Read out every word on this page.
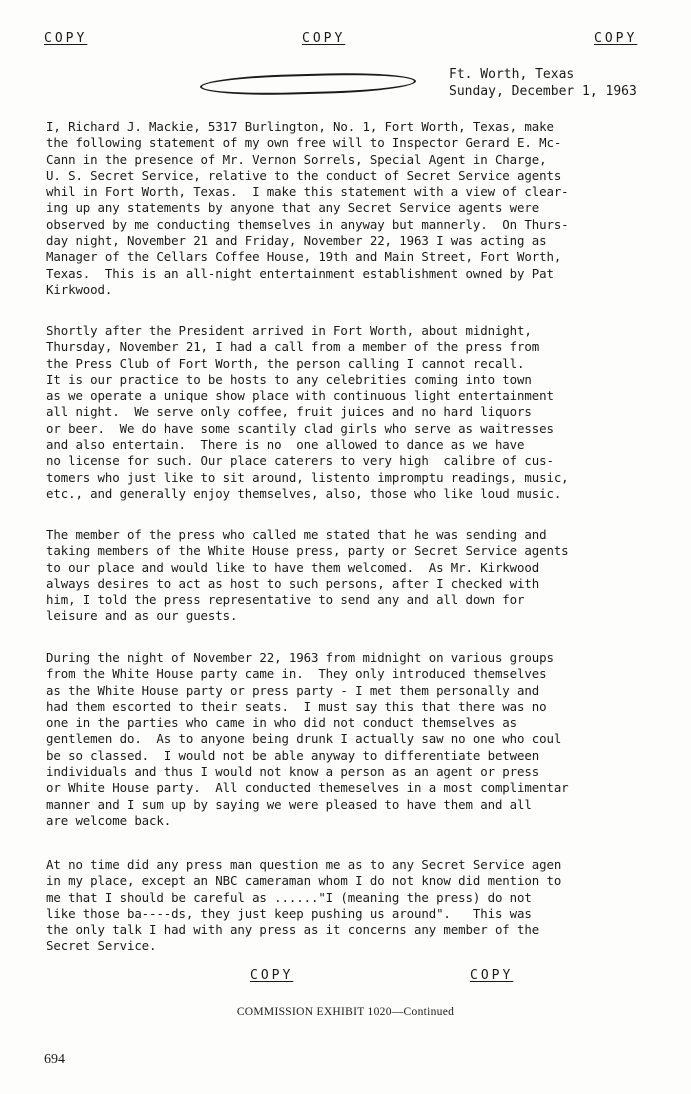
COPY	COPY	COPY
Ft. Worth, Texas
Sunday, December 1, 1963

I, Richard J. Mackie, 5317 Burlington, No. 1, Fort Worth, Texas, make
the following statement of my own free will to Inspector Gerard E. Mc-
Cann in the presence of Mr. Vernon Sorrels, Special Agent in Charge,
U. S. Secret Service, relative to the conduct of Secret Service agents
whil in Fort Worth, Texas.  I make this statement with a view of clear-
ing up any statements by anyone that any Secret Service agents were
observed by me conducting themselves in anyway but mannerly.  On Thurs-
day night, November 21 and Friday, November 22, 1963 I was acting as
Manager of the Cellars Coffee House, 19th and Main Street, Fort Worth,
Texas.  This is an all-night entertainment establishment owned by Pat
Kirkwood.

Shortly after the President arrived in Fort Worth, about midnight,
Thursday, November 21, I had a call from a member of the press from
the Press Club of Fort Worth, the person calling I cannot recall.
It is our practice to be hosts to any celebrities coming into town
as we operate a unique show place with continuous light entertainment
all night.  We serve only coffee, fruit juices and no hard liquors
or beer.  We do have some scantily clad girls who serve as waitresses
and also entertain.  There is no  one allowed to dance as we have
no license for such. Our place caterers to very high  calibre of cus-
tomers who just like to sit around, listento impromptu readings, music,
etc., and generally enjoy themselves, also, those who like loud music.

The member of the press who called me stated that he was sending and
taking members of the White House press, party or Secret Service agents
to our place and would like to have them welcomed.  As Mr. Kirkwood
always desires to act as host to such persons, after I checked with
him, I told the press representative to send any and all down for
leisure and as our guests.

During the night of November 22, 1963 from midnight on various groups
from the White House party came in.  They only introduced themselves
as the White House party or press party - I met them personally and
had them escorted to their seats.  I must say this that there was no
one in the parties who came in who did not conduct themselves as
gentlemen do.  As to anyone being drunk I actually saw no one who coul
be so classed.  I would not be able anyway to differentiate between
individuals and thus I would not know a person as an agent or press
or White House party.  All conducted themeselves in a most complimentar
manner and I sum up by saying we were pleased to have them and all
are welcome back.

At no time did any press man question me as to any Secret Service agen
in my place, except an NBC cameraman whom I do not know did mention to
me that I should be careful as ......"I (meaning the press) do not
like those ba----ds, they just keep pushing us around".   This was
the only talk I had with any press as it concerns any member of the
Secret Service.

COPY	COPY
COMMISSION EXHIBIT 1020—Continued
694
